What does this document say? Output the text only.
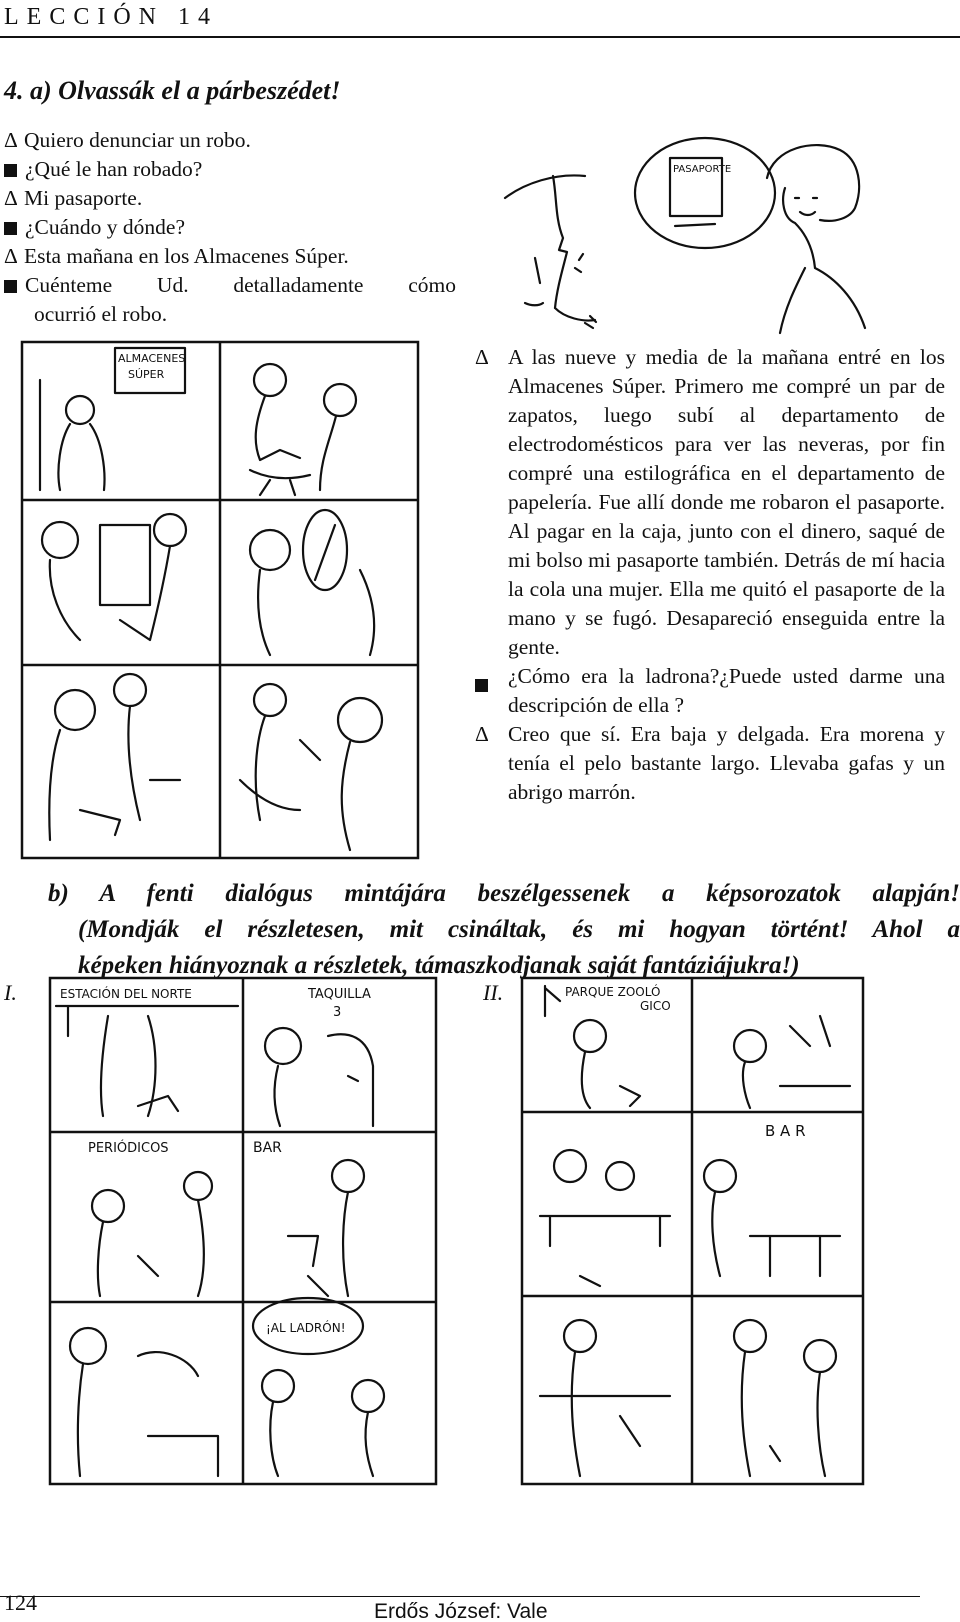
LECCIÓN 14
4. a) Olvassák el a párbeszédet!
Δ Quiero denunciar un robo.
¿Qué le han robado?
Δ Mi pasaporte.
¿Cuándo y dónde?
Δ Esta mañana en los Almacenes Súper.
Cuénteme Ud. detalladamente cómo
ocurrió el robo.
PASAPORTE
Δ A las nueve y media de la mañana entré en los Almacenes Súper. Primero me compré un par de zapatos, luego subí al departamento de electrodomésticos para ver las neveras, por fin compré una estilográfica en el departamento de papelería. Fue allí donde me robaron el pasaporte. Al pagar en la caja, junto con el dinero, saqué de mi bolso mi pasaporte también. Detrás de mí hacia la cola una mujer. Ella me quitó el pasaporte de la mano y se fugó. Desapareció enseguida entre la gente.
¿Cómo era la ladrona?¿Puede usted darme una descripción de ella ?
Δ Creo que sí. Era baja y delgada. Era morena y tenía el pelo bastante largo. Llevaba gafas y un abrigo marrón.
ALMACENES
SÚPER
b) A fenti dialógus mintájára beszélgessenek a képsorozatok alapján!
(Mondják el részletesen, mit csináltak, és mi hogyan történt! Ahol a
képeken hiányoznak a részletek, támaszkodjanak saját fantáziájukra!)
I.	II.
ESTACIÓN DEL NORTE	TAQUILLA
3
PERIÓDICOS	BAR
¡AL LADRÓN!
PARQUE ZOOLÓ
GICO
B A R
124	Erdős József: Vale
